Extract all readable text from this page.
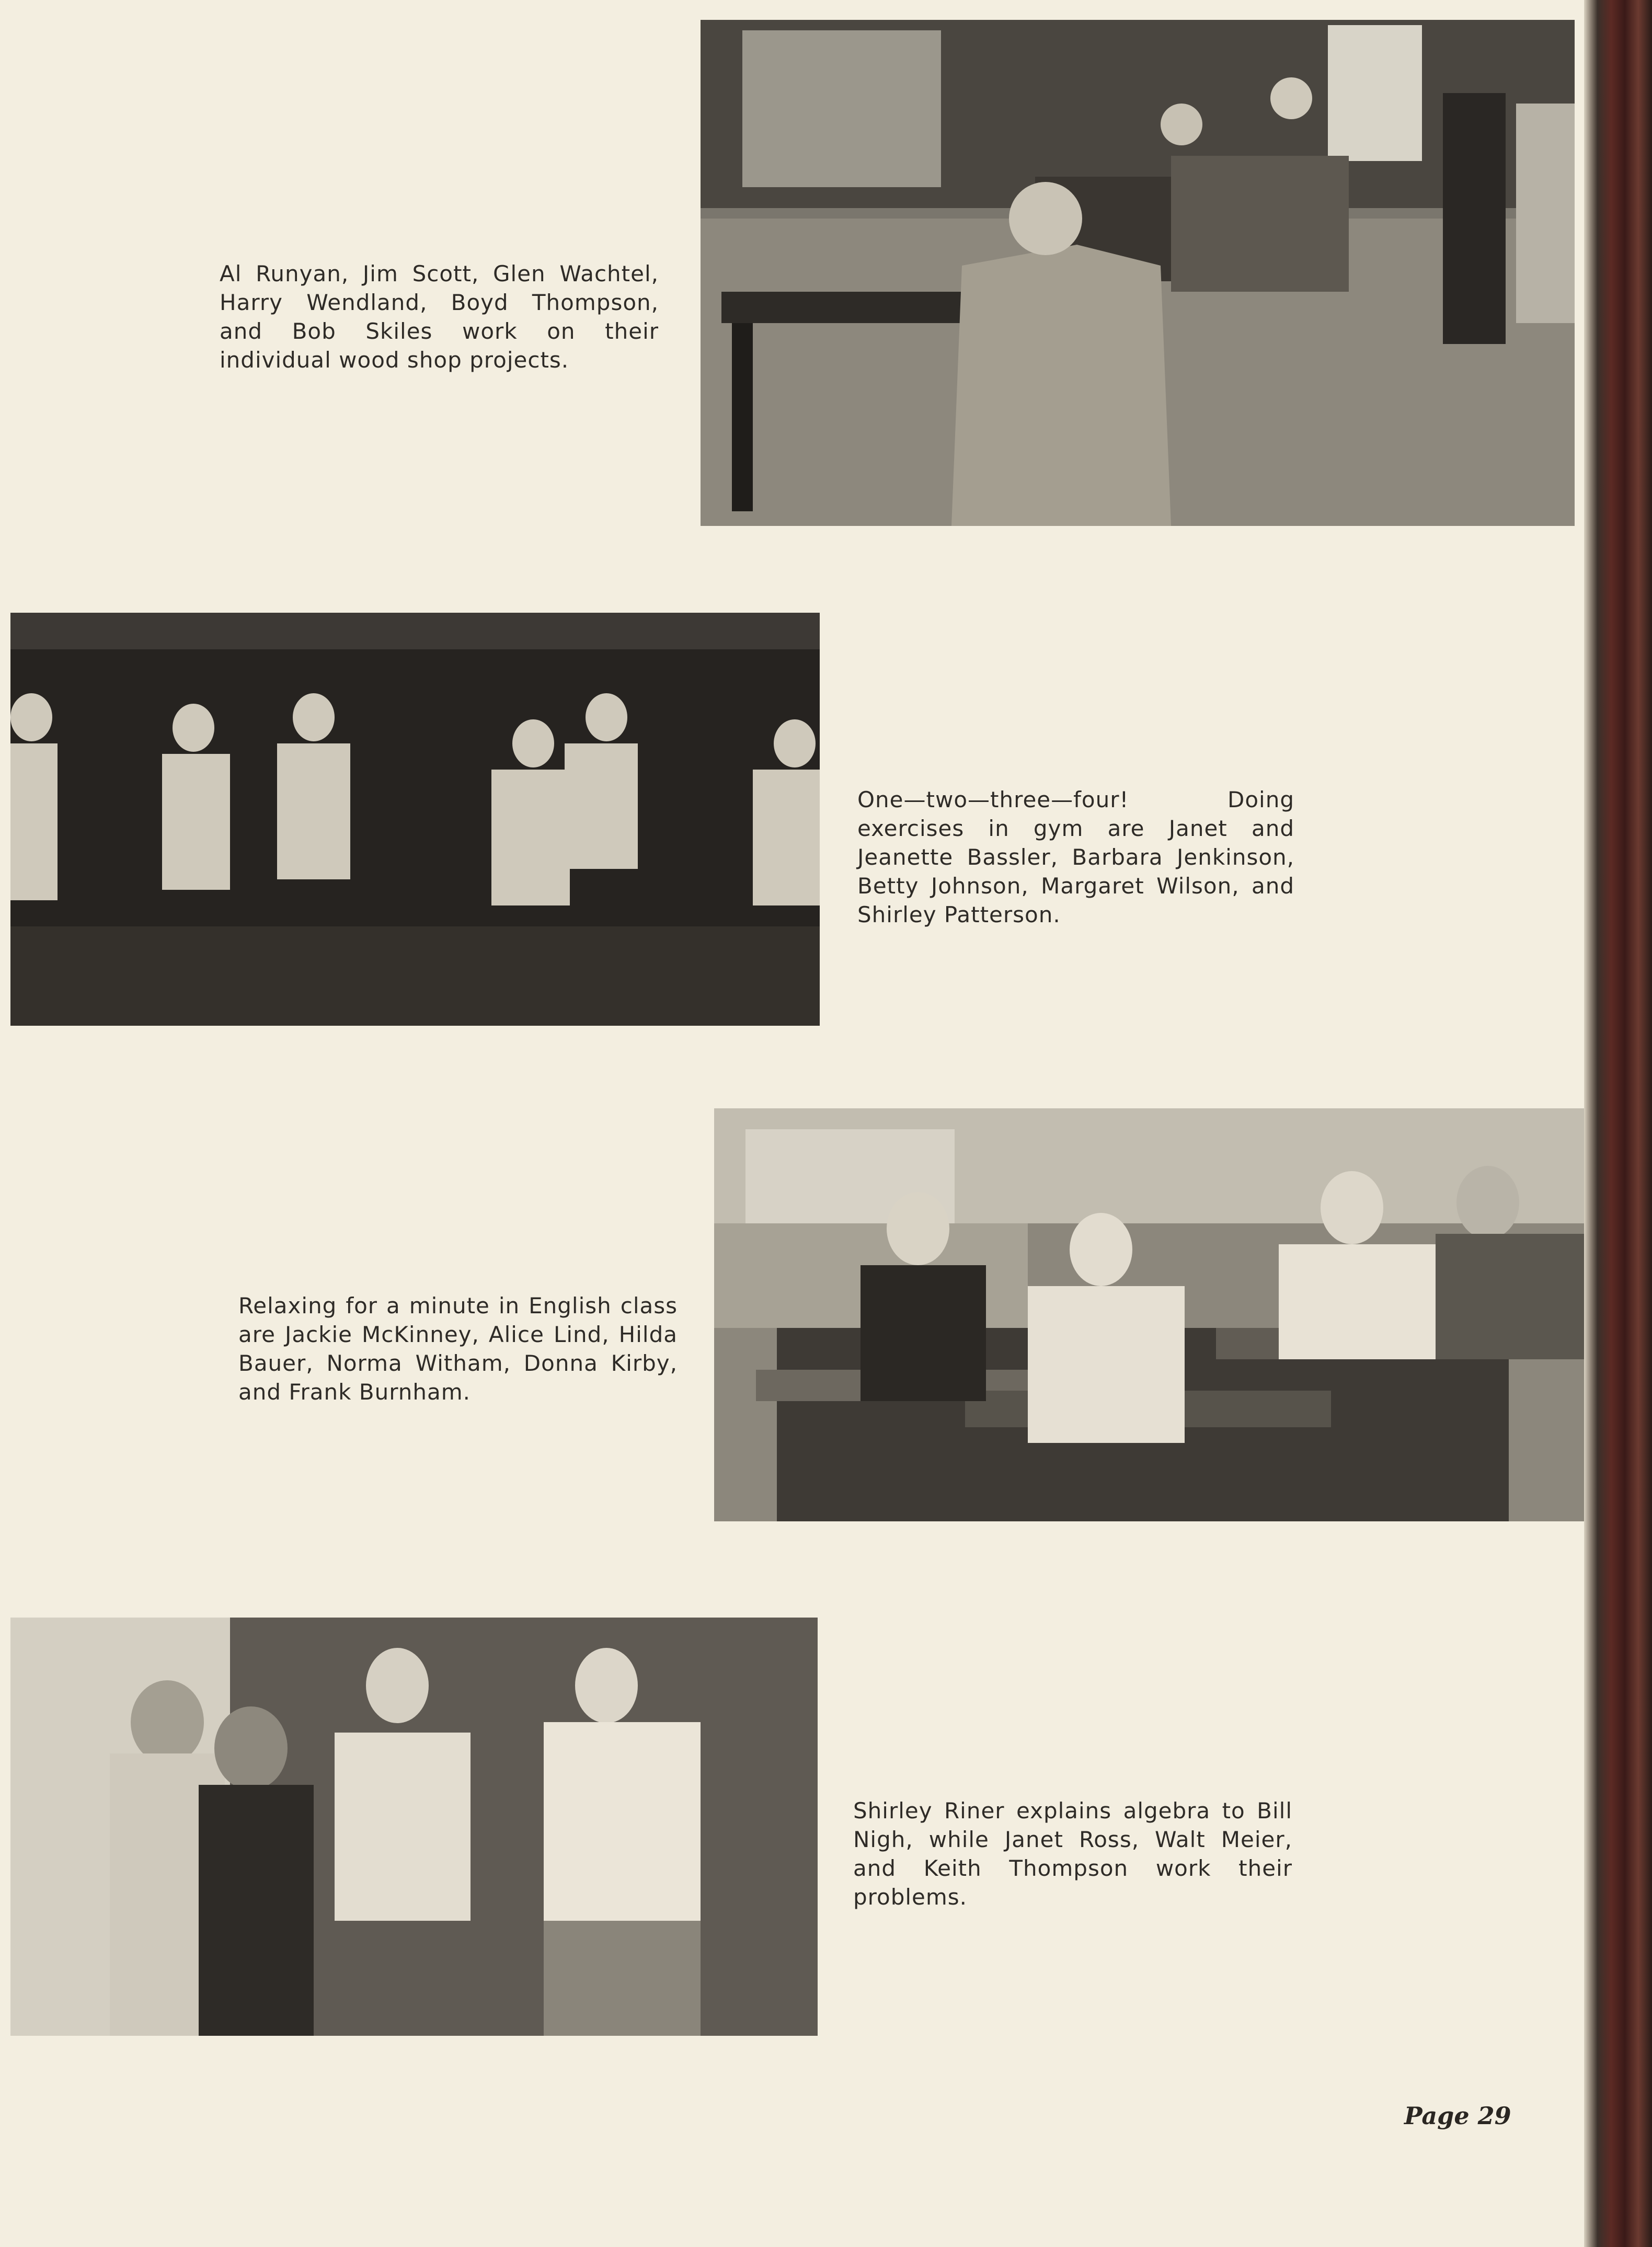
Al Runyan, Jim Scott, Glen Wachtel, Harry Wendland, Boyd Thompson, and Bob Skiles work on their individual wood shop projects.
One—two—three—four! Doing exercises in gym are Janet and Jeanette Bassler, Barbara Jenkinson, Betty Johnson, Margaret Wilson, and Shirley Patterson.
Relaxing for a minute in English class are Jackie McKinney, Alice Lind, Hilda Bauer, Norma Witham, Donna Kirby, and Frank Burnham.
Shirley Riner explains algebra to Bill Nigh, while Janet Ross, Walt Meier, and Keith Thompson work their problems.
Page 29
